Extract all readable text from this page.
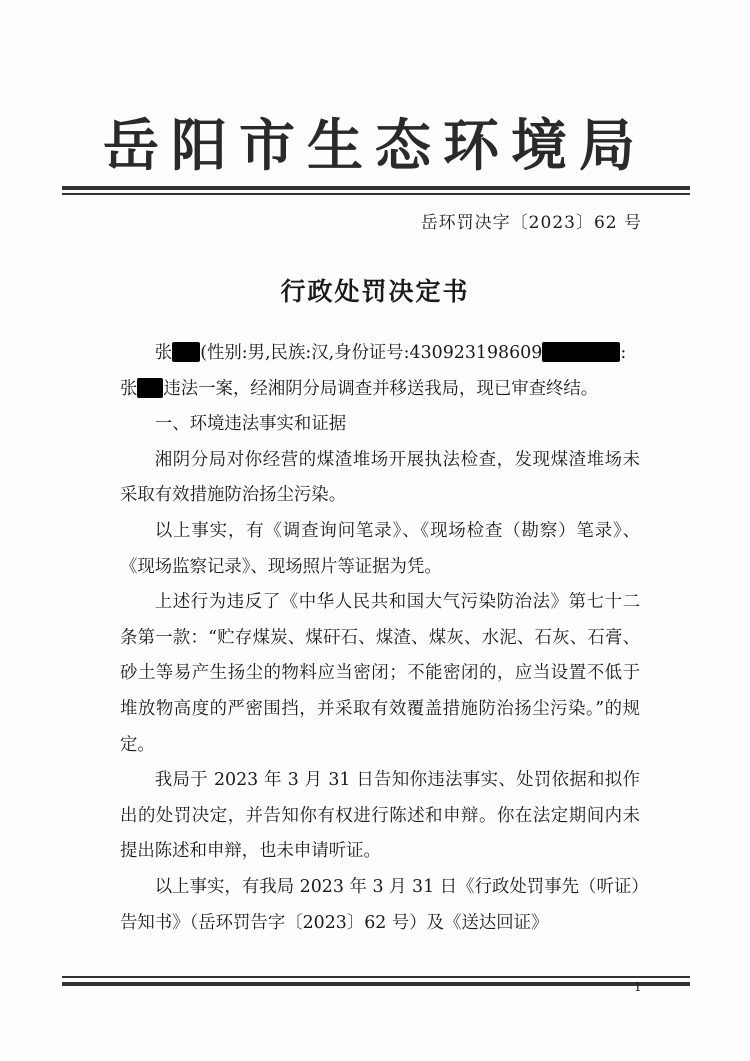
岳阳市生态环境局
岳环罚决字〔2023〕62 号
行政处罚决定书

张 (性别:男,民族:汉,身份证号:430923198609	:
张 违法一案，经湘阴分局调查并移送我局，现已审查终结。

一、环境违法事实和证据

湘阴分局对你经营的煤渣堆场开展执法检查，发现煤渣堆场未采取有效措施防治扬尘污染。

以上事实，有《调查询问笔录》、《现场检查（勘察）笔录》、《现场监察记录》、现场照片等证据为凭。

上述行为违反了《中华人民共和国大气污染防治法》第七十二条第一款：“贮存煤炭、煤矸石、煤渣、煤灰、水泥、石灰、石膏、砂土等易产生扬尘的物料应当密闭；不能密闭的，应当设置不低于堆放物高度的严密围挡，并采取有效覆盖措施防治扬尘污染。”的规定。

我局于 2023 年 3 月 31 日告知你违法事实、处罚依据和拟作出的处罚决定，并告知你有权进行陈述和申辩。你在法定期间内未提出陈述和申辩，也未申请听证。

以上事实，有我局 2023 年 3 月 31 日《行政处罚事先（听证）告知书》（岳环罚告字〔2023〕62 号）及《送达回证》

1
